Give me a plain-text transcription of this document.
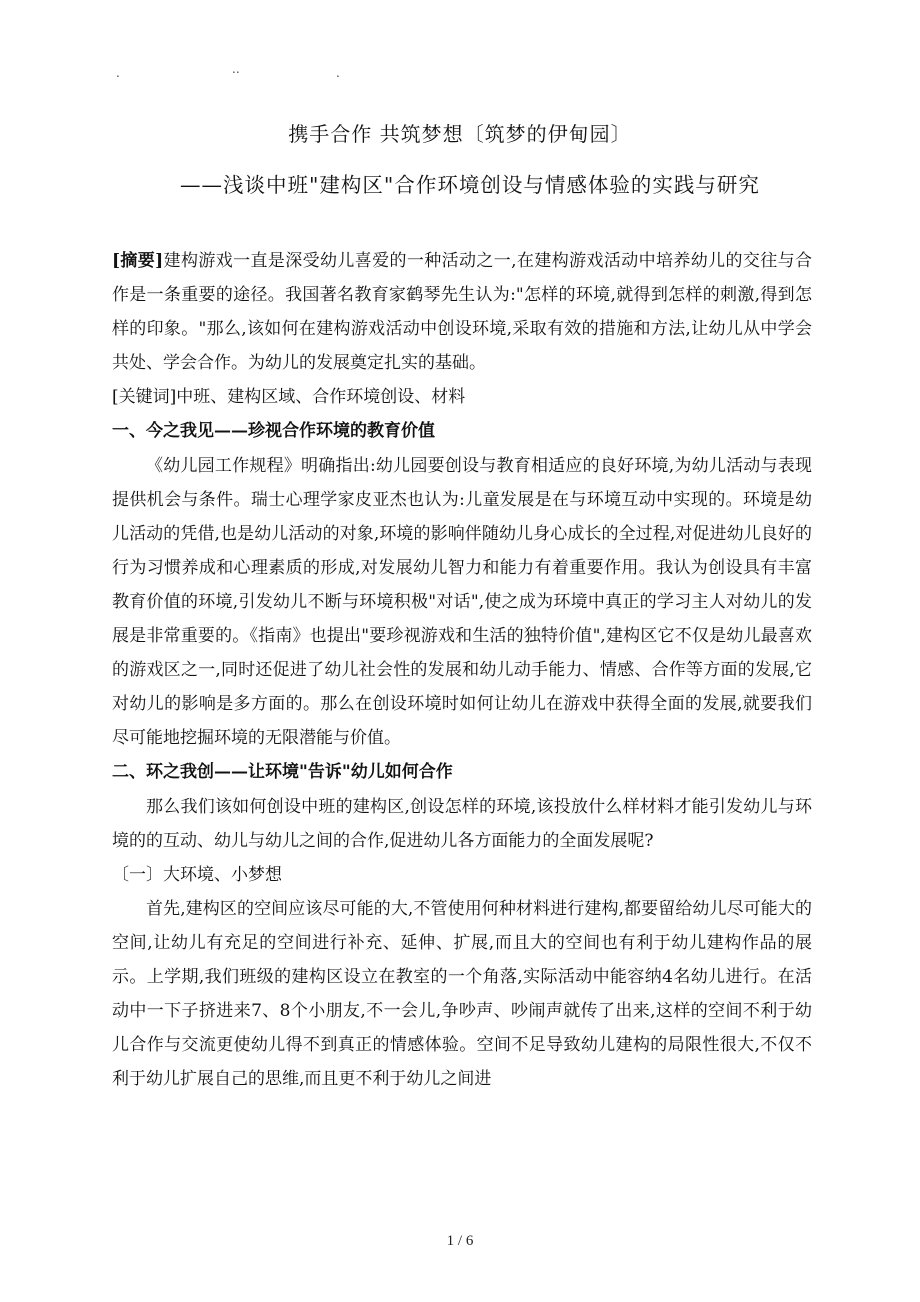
.	..	.
携手合作 共筑梦想〔筑梦的伊甸园〕
——浅谈中班"建构区"合作环境创设与情感体验的实践与研究

[摘要]建构游戏一直是深受幼儿喜爱的一种活动之一,在建构游戏活动中培养幼儿的交往与合作是一条重要的途径。我国著名教育家鹤琴先生认为:"怎样的环境,就得到怎样的刺激,得到怎样的印象。"那么,该如何在建构游戏活动中创设环境,采取有效的措施和方法,让幼儿从中学会共处、学会合作。为幼儿的发展奠定扎实的基础。

[关键词]中班、建构区域、合作环境创设、材料

一、今之我见——珍视合作环境的教育价值

《幼儿园工作规程》明确指出:幼儿园要创设与教育相适应的良好环境,为幼儿活动与表现提供机会与条件。瑞士心理学家皮亚杰也认为:儿童发展是在与环境互动中实现的。环境是幼儿活动的凭借,也是幼儿活动的对象,环境的影响伴随幼儿身心成长的全过程,对促进幼儿良好的行为习惯养成和心理素质的形成,对发展幼儿智力和能力有着重要作用。我认为创设具有丰富教育价值的环境,引发幼儿不断与环境积极"对话",使之成为环境中真正的学习主人对幼儿的发展是非常重要的。《指南》也提出"要珍视游戏和生活的独特价值",建构区它不仅是幼儿最喜欢的游戏区之一,同时还促进了幼儿社会性的发展和幼儿动手能力、情感、合作等方面的发展,它对幼儿的影响是多方面的。那么在创设环境时如何让幼儿在游戏中获得全面的发展,就要我们尽可能地挖掘环境的无限潜能与价值。

二、环之我创——让环境"告诉"幼儿如何合作

那么我们该如何创设中班的建构区,创设怎样的环境,该投放什么样材料才能引发幼儿与环境的的互动、幼儿与幼儿之间的合作,促进幼儿各方面能力的全面发展呢?

〔一〕大环境、小梦想

首先,建构区的空间应该尽可能的大,不管使用何种材料进行建构,都要留给幼儿尽可能大的空间,让幼儿有充足的空间进行补充、延伸、扩展,而且大的空间也有利于幼儿建构作品的展示。上学期,我们班级的建构区设立在教室的一个角落,实际活动中能容纳4名幼儿进行。在活动中一下子挤进来7、8个小朋友,不一会儿,争吵声、吵闹声就传了出来,这样的空间不利于幼儿合作与交流更使幼儿得不到真正的情感体验。空间不足导致幼儿建构的局限性很大,不仅不利于幼儿扩展自己的思维,而且更不利于幼儿之间进

1 / 6
